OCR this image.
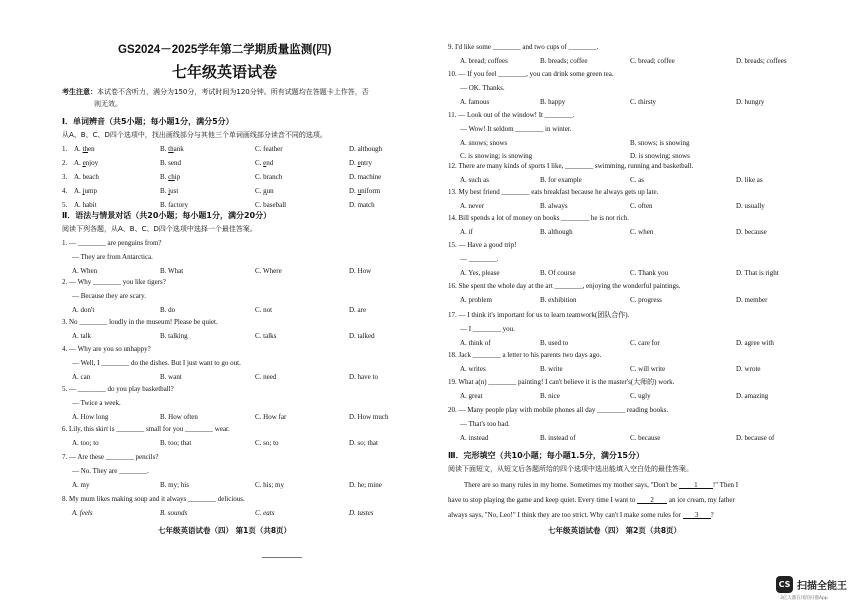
GS2024－2025学年第二学期质量监测(四)
七年级英语试卷
考生注意：本试卷不含听力，满分为150分，考试时间为120分钟。所有试题均在答题卡上作答，否
则无效。
Ⅰ．单词辨音（共5小题；每小题1分，满分5分）
从A、B、C、D四个选项中，找出画线部分与其他三个单词画线部分读音不同的选项。
1. A. then	B. thank	C. feather	D. although
2. A. enjoy	B. send	C. end	D. entry
3. A. beach	B. chip	C. branch	D. machine
4. A. jump	B. just	C. gun	D. uniform
5. A. habit	B. factory	C. baseball	D. match
Ⅱ．语法与情景对话（共20小题；每小题1分，满分20分）
阅读下列各题，从A、B、C、D四个选项中选择一个最佳答案。
1. — ________ are penguins from?
— They are from Antarctica.
A. When	B. What	C. Where	D. How
2. — Why ________ you like tigers?
— Because they are scary.
A. don't	B. do	C. not	D. are
3. No ________ loudly in the museum! Please be quiet.
A. talk	B. talking	C. talks	D. talked
4. — Why are you so unhappy?
— Well, I ________ do the dishes. But I just want to go out.
A. can	B. want	C. need	D. have to
5. — ________ do you play basketball?
— Twice a week.
A. How long	B. How often	C. How far	D. How much
6. Lily, this skirt is ________ small for you ________ wear.
A. too; to	B. too; that	C. so; to	D. so; that
7. — Are these ________ pencils?
— No. They are ________.
A. my	B. my; his	C. his; my	D. he; mine
8. My mum likes making soup and it always ________ delicious.
A. feels	B. sounds	C. eats	D. tastes
七年级英语试卷（四） 第1页（共8页）
9. I'd like some ________ and two cups of ________.
A. bread; coffees	B. breads; coffee	C. bread; coffee	D. breads; coffees
10. — If you feel ________, you can drink some green tea.
— OK. Thanks.
A. famous	B. happy	C. thirsty	D. hungry
11. — Look out of the window! It ________.
— Wow! It seldom ________ in winter.
A. snows; snows	B. snows; is snowing
C. is snowing; is snowing	D. is snowing; snows
12. There are many kinds of sports I like, ________ swimming, running and basketball.
A. such as	B. for example	C. as	D. like as
13. My best friend ________ eats breakfast because he always gets up late.
A. never	B. always	C. often	D. usually
14. Bill spends a lot of money on books ________ he is not rich.
A. if	B. although	C. when	D. because
15. — Have a good trip!
— ________.
A. Yes, please	B. Of course	C. Thank you	D. That is right
16. She spent the whole day at the art ________, enjoying the wonderful paintings.
A. problem	B. exhibition	C. progress	D. member
17. — I think it's important for us to learn teamwork(团队合作).
— I ________ you.
A. think of	B. used to	C. care for	D. agree with
18. Jack ________ a letter to his parents two days ago.
A. writes	B. write	C. will write	D. wrote
19. What a(n) ________ painting! I can't believe it is the master's(大师的) work.
A. great	B. nice	C. ugly	D. amazing
20. — Many people play with mobile phones all day ________ reading books.
— That's too bad.
A. instead	B. instead of	C. because	D. because of
Ⅲ．完形填空（共10小题；每小题1.5分，满分15分）
阅读下面短文，从短文后各题所给的四个选项中选出能填入空白处的最佳答案。
There are so many rules in my home. Sometimes my mother says, "Don't be 1 !" Then I
have to stop playing the game and keep quiet. Every time I want to 2 an ice cream, my father
always says, "No, Leo!" I think they are too strict. Why can't I make some rules for 3 ?
七年级英语试卷（四） 第2页（共8页）
CS 扫描全能王
3亿人都在用的扫描App
